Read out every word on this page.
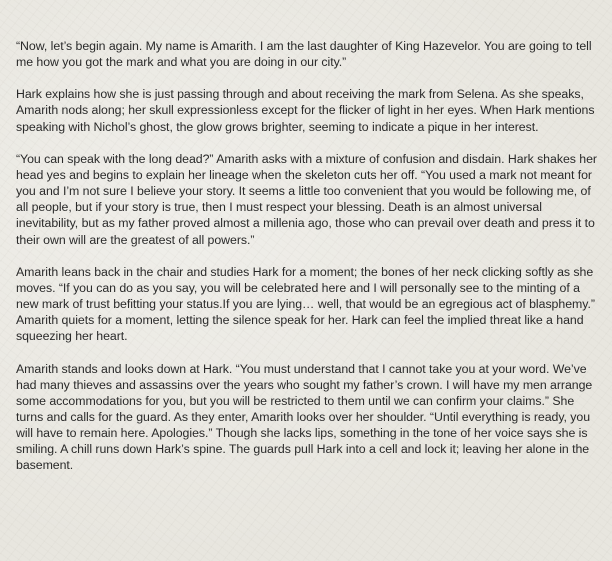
“Now, let’s begin again. My name is Amarith. I am the last daughter of King Hazevelor. You are going to tell me how you got the mark and what you are doing in our city.”

Hark explains how she is just passing through and about receiving the mark from Selena. As she speaks, Amarith nods along; her skull expressionless except for the flicker of light in her eyes. When Hark mentions speaking with Nichol’s ghost, the glow grows brighter, seeming to indicate a pique in her interest.

“You can speak with the long dead?” Amarith asks with a mixture of confusion and disdain. Hark shakes her head yes and begins to explain her lineage when the skeleton cuts her off. “You used a mark not meant for you and I’m not sure I believe your story. It seems a little too convenient that you would be following me, of all people, but if your story is true, then I must respect your blessing. Death is an almost universal inevitability, but as my father proved almost a millenia ago, those who can prevail over death and press it to their own will are the greatest of all powers.”

Amarith leans back in the chair and studies Hark for a moment; the bones of her neck clicking softly as she moves. “If you can do as you say, you will be celebrated here and I will personally see to the minting of a new mark of trust befitting your status.If you are lying… well, that would be an egregious act of blasphemy.” Amarith quiets for a moment, letting the silence speak for her. Hark can feel the implied threat like a hand squeezing her heart.

Amarith stands and looks down at Hark. “You must understand that I cannot take you at your word. We’ve had many thieves and assassins over the years who sought my father’s crown. I will have my men arrange some accommodations for you, but you will be restricted to them until we can confirm your claims.” She turns and calls for the guard. As they enter, Amarith looks over her shoulder. “Until everything is ready, you will have to remain here. Apologies.” Though she lacks lips, something in the tone of her voice says she is smiling. A chill runs down Hark’s spine. The guards pull Hark into a cell and lock it; leaving her alone in the basement.
